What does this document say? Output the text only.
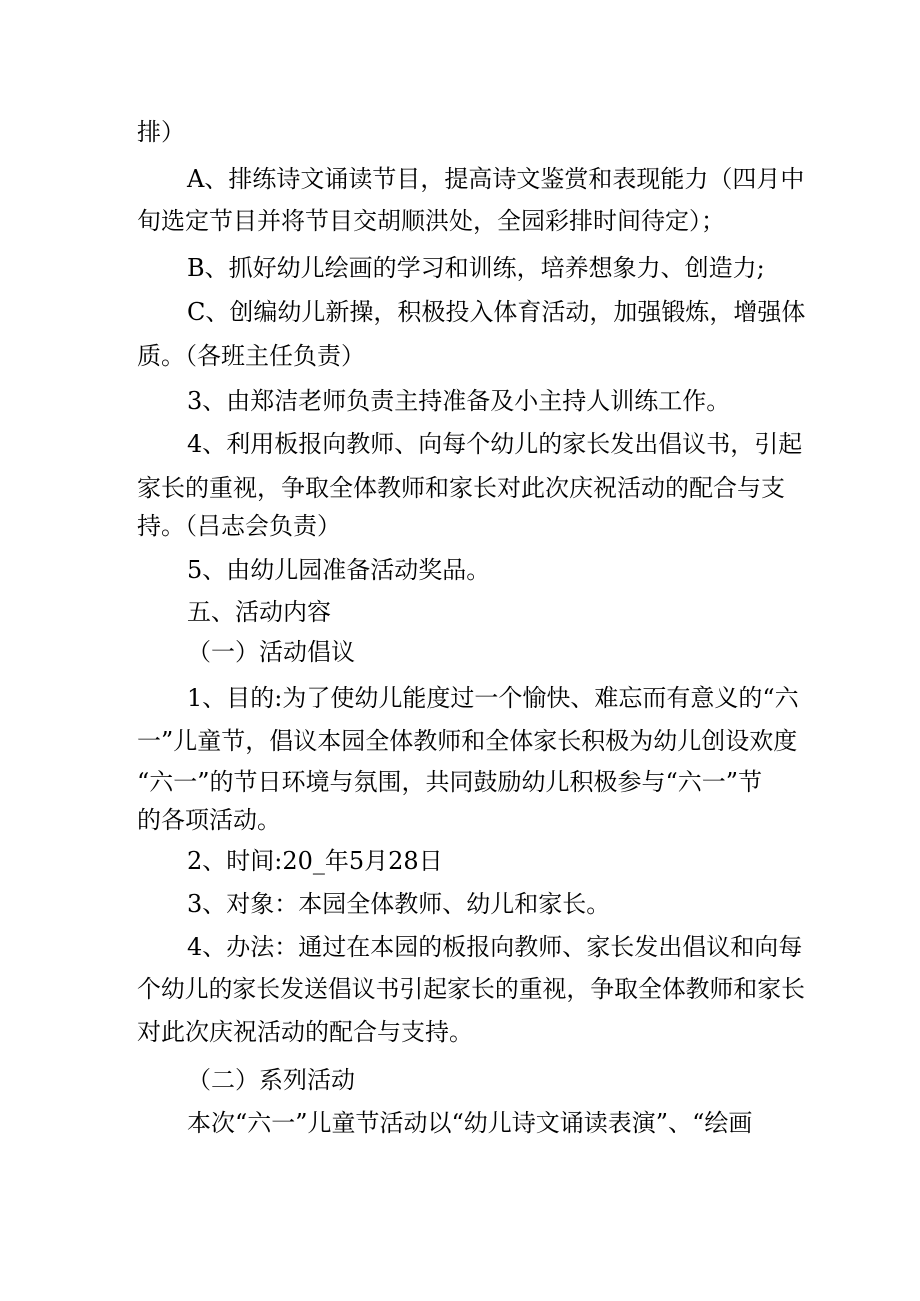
排）
A、排练诗文诵读节目，提高诗文鉴赏和表现能力（四月中
旬选定节目并将节目交胡顺洪处，全园彩排时间待定）；
B、抓好幼儿绘画的学习和训练，培养想象力、创造力;
C、创编幼儿新操，积极投入体育活动，加强锻炼，增强体
质。（各班主任负责）
3、由郑洁老师负责主持准备及小主持人训练工作。
4、利用板报向教师、向每个幼儿的家长发出倡议书，引起
家长的重视，争取全体教师和家长对此次庆祝活动的配合与支
持。（吕志会负责）
5、由幼儿园准备活动奖品。
五、活动内容
（一）活动倡议
1、目的:为了使幼儿能度过一个愉快、难忘而有意义的“六
一”儿童节，倡议本园全体教师和全体家长积极为幼儿创设欢度
“六一”的节日环境与氛围，共同鼓励幼儿积极参与“六一”节
的各项活动。
2、时间:20_年5月28日
3、对象：本园全体教师、幼儿和家长。
4、办法：通过在本园的板报向教师、家长发出倡议和向每
个幼儿的家长发送倡议书引起家长的重视，争取全体教师和家长
对此次庆祝活动的配合与支持。
（二）系列活动
本次“六一”儿童节活动以“幼儿诗文诵读表演”、“绘画
